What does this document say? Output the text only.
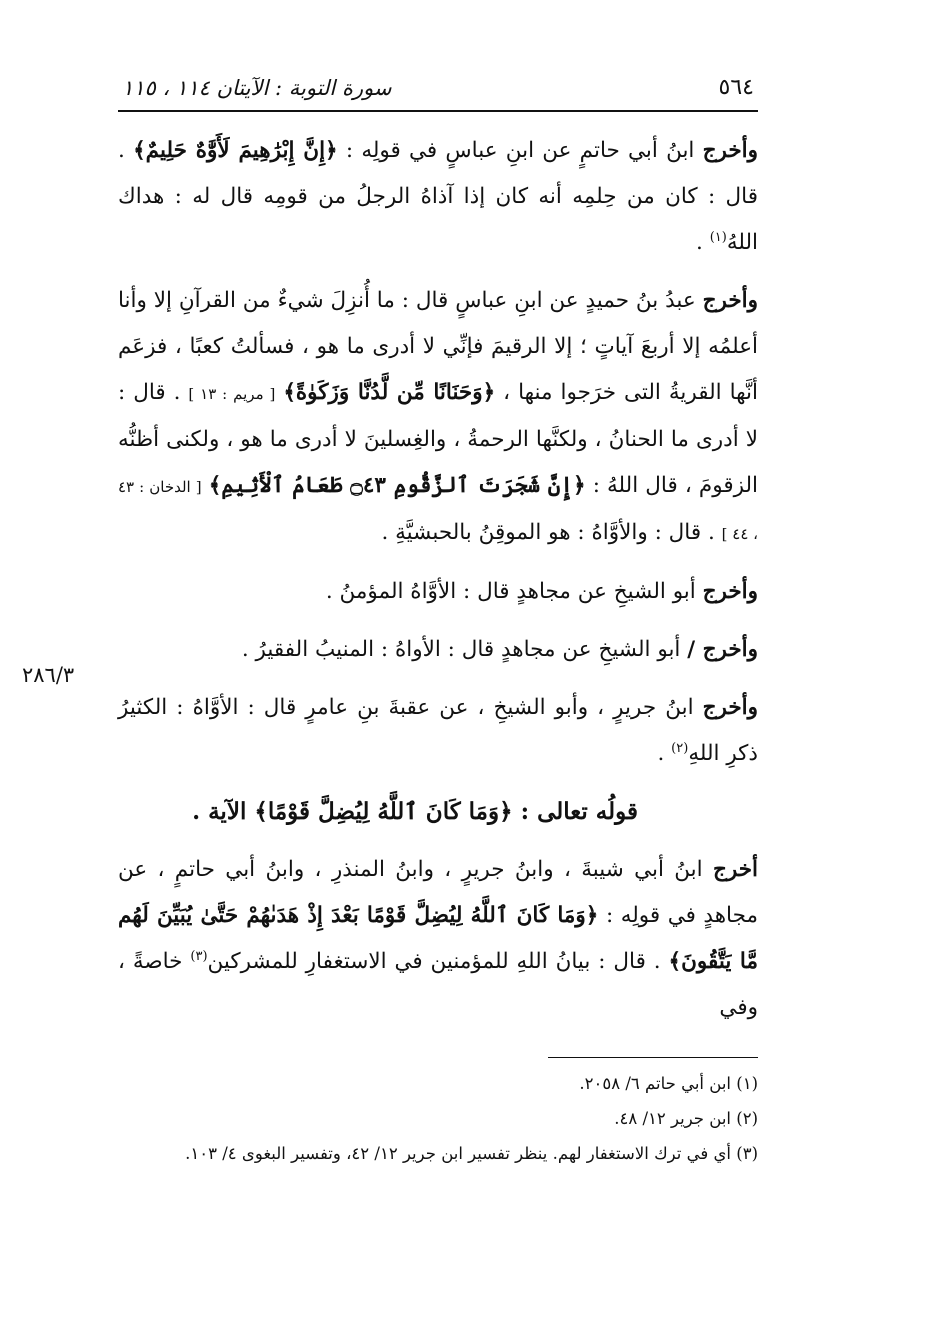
٥٦٤
سورة التوبة : الآيتان ١١٤ ، ١١٥

وأخرج ابنُ أبي حاتمٍ عن ابنِ عباسٍ في قولِه : ﴿إِنَّ إِبْرَٰهِيمَ لَأَوَّٰهٌ حَلِيمٌ﴾ . قال : كان من حِلمِه أنه كان إذا آذاهُ الرجلُ من قومِه قال له : هداك اللهُ$^{(١)}$ .

وأخرج عبدُ بنُ حميدٍ عن ابنِ عباسٍ قال : ما أُنزِلَ شيءٌ من القرآنِ إلا وأنا أعلمُه إلا أربعَ آياتٍ ؛ إلا الرقيمَ فإنِّي لا أدرى ما هو ، فسألتُ كعبًا ، فزعَم أنَّها القريةُ التى خرَجوا منها ، ﴿وَحَنَانًا مِّن لَّدُنَّا وَزَكَوٰةً﴾ [ مريم : ١٣ ] . قال : لا أدرى ما الحنانُ ، ولكنَّها الرحمةُ ، والغِسلينَ لا أدرى ما هو ، ولكنى أظنُّه الزقومَ ، قال اللهُ : ﴿إِنَّ شَجَرَتَ ٱلزَّقُّومِ ۝٤٣ طَعَامُ ٱلْأَثِيمِ﴾ [ الدخان : ٤٣ ، ٤٤ ] . قال : والأوَّاهُ : هو الموقِنُ بالحبشيَّةِ .

وأخرج أبو الشيخِ عن مجاهدٍ قال : الأوَّاهُ المؤمنُ .

وأخرج / أبو الشيخِ عن مجاهدٍ قال : الأواهُ : المنيبُ الفقيرُ .

وأخرج ابنُ جريرٍ ، وأبو الشيخِ ، عن عقبةَ بنِ عامرٍ قال : الأوَّاهُ : الكثيرُ ذكرِ اللهِ$^{(٢)}$ .

قولُه تعالى : ﴿وَمَا كَانَ ٱللَّهُ لِيُضِلَّ قَوْمًا﴾ الآية .

أخرج ابنُ أبي شيبةَ ، وابنُ جريرٍ ، وابنُ المنذرِ ، وابنُ أبي حاتمٍ ، عن مجاهدٍ في قولِه : ﴿وَمَا كَانَ ٱللَّهُ لِيُضِلَّ قَوْمًا بَعْدَ إِذْ هَدَىٰهُمْ حَتَّىٰ يُبَيِّنَ لَهُم مَّا يَتَّقُونَ﴾ . قال : بيانُ اللهِ للمؤمنين في الاستغفارِ للمشركين$^{(٣)}$ خاصةً ، وفي

(١) ابن أبي حاتم ٦/ ٢٠٥٨.

(٢) ابن جرير ١٢/ ٤٨.

(٣) أي في ترك الاستغفار لهم. ينظر تفسير ابن جرير ١٢/ ٤٢، وتفسير البغوى ٤/ ١٠٣.

٢٨٦/٣
